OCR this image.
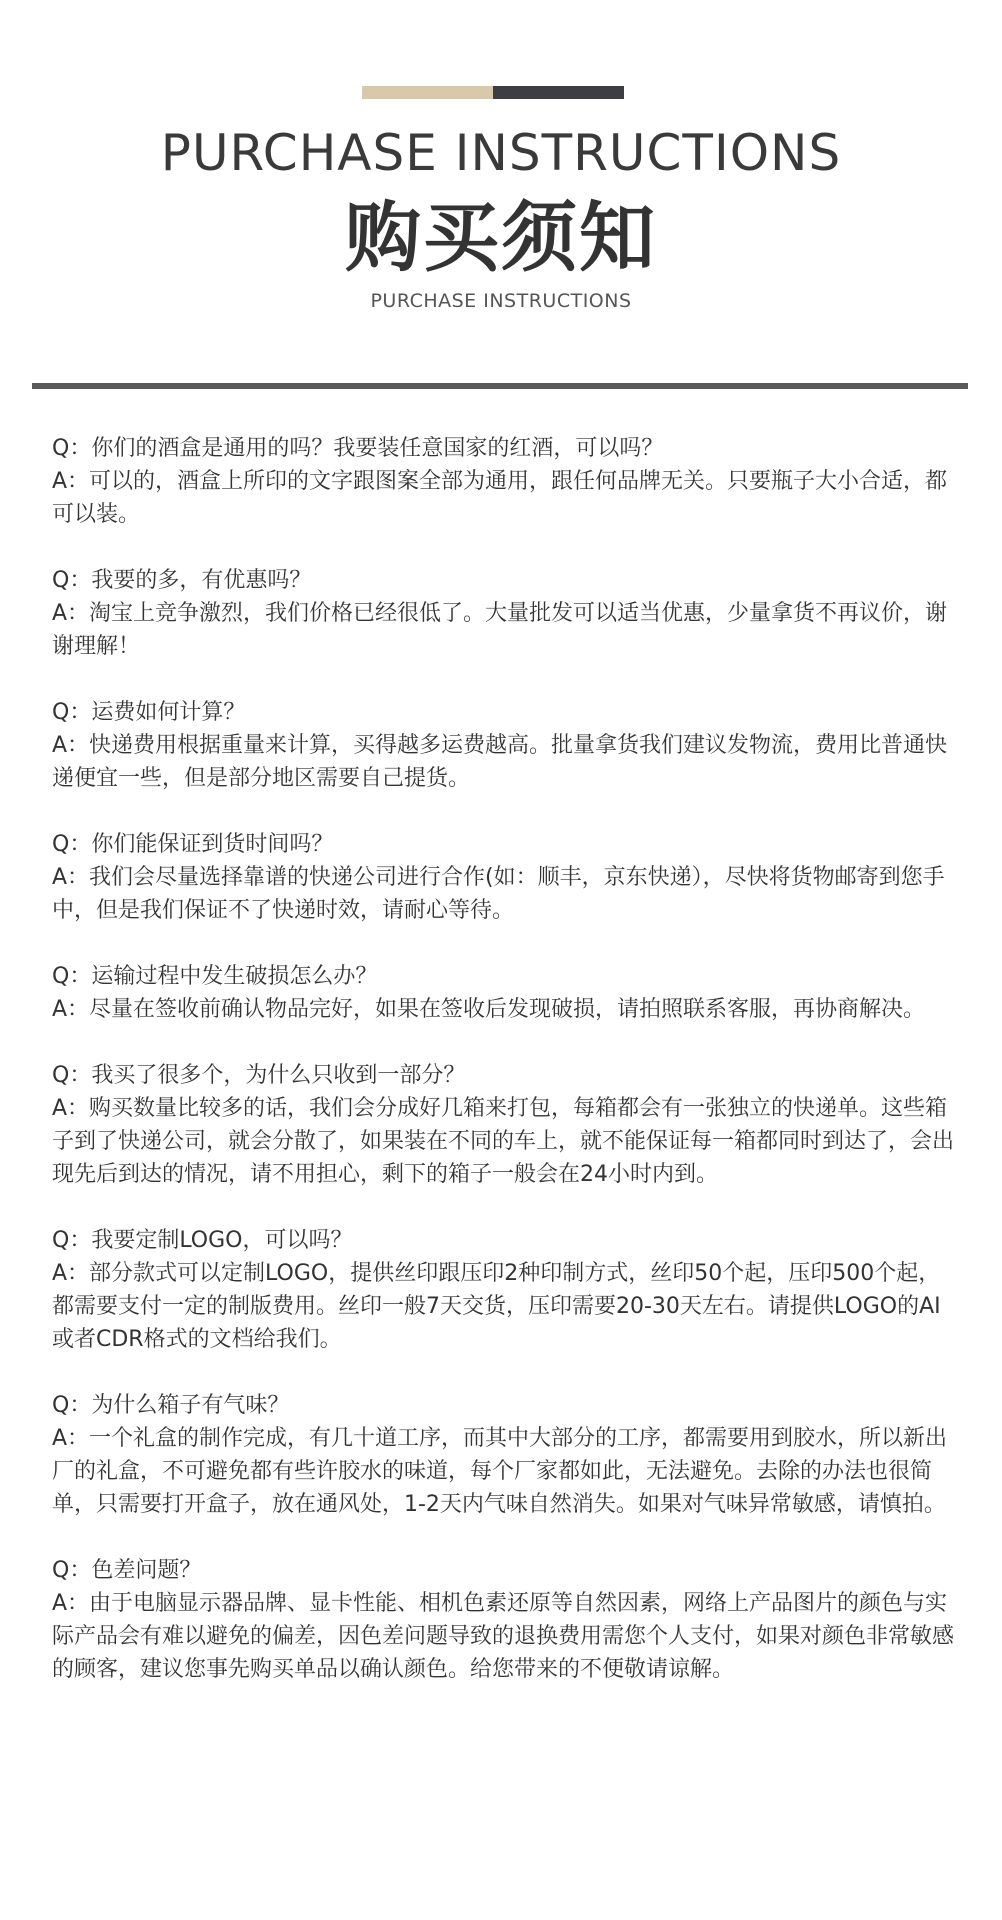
PURCHASE INSTRUCTIONS
购买须知
PURCHASE INSTRUCTIONS

Q：你们的酒盒是通用的吗？我要装任意国家的红酒，可以吗？

A：可以的，酒盒上所印的文字跟图案全部为通用，跟任何品牌无关。只要瓶子大小合适，都可以装。

Q：我要的多，有优惠吗？

A：淘宝上竞争激烈，我们价格已经很低了。大量批发可以适当优惠，少量拿货不再议价，谢谢理解！

Q：运费如何计算？

A：快递费用根据重量来计算，买得越多运费越高。批量拿货我们建议发物流，费用比普通快递便宜一些，但是部分地区需要自己提货。

Q：你们能保证到货时间吗？

A：我们会尽量选择靠谱的快递公司进行合作(如：顺丰，京东快递），尽快将货物邮寄到您手中，但是我们保证不了快递时效，请耐心等待。

Q：运输过程中发生破损怎么办？

A：尽量在签收前确认物品完好，如果在签收后发现破损，请拍照联系客服，再协商解决。

Q：我买了很多个，为什么只收到一部分？

A：购买数量比较多的话，我们会分成好几箱来打包，每箱都会有一张独立的快递单。这些箱子到了快递公司，就会分散了，如果装在不同的车上，就不能保证每一箱都同时到达了，会出现先后到达的情况，请不用担心，剩下的箱子一般会在24小时内到。

Q：我要定制LOGO，可以吗？

A：部分款式可以定制LOGO，提供丝印跟压印2种印制方式，丝印50个起，压印500个起，都需要支付一定的制版费用。丝印一般7天交货，压印需要20-30天左右。请提供LOGO的AI或者CDR格式的文档给我们。

Q：为什么箱子有气味？

A：一个礼盒的制作完成，有几十道工序，而其中大部分的工序，都需要用到胶水，所以新出厂的礼盒，不可避免都有些许胶水的味道，每个厂家都如此，无法避免。去除的办法也很简单，只需要打开盒子，放在通风处，1-2天内气味自然消失。如果对气味异常敏感，请慎拍。

Q：色差问题？

A：由于电脑显示器品牌、显卡性能、相机色素还原等自然因素，网络上产品图片的颜色与实际产品会有难以避免的偏差，因色差问题导致的退换费用需您个人支付，如果对颜色非常敏感的顾客，建议您事先购买单品以确认颜色。给您带来的不便敬请谅解。
